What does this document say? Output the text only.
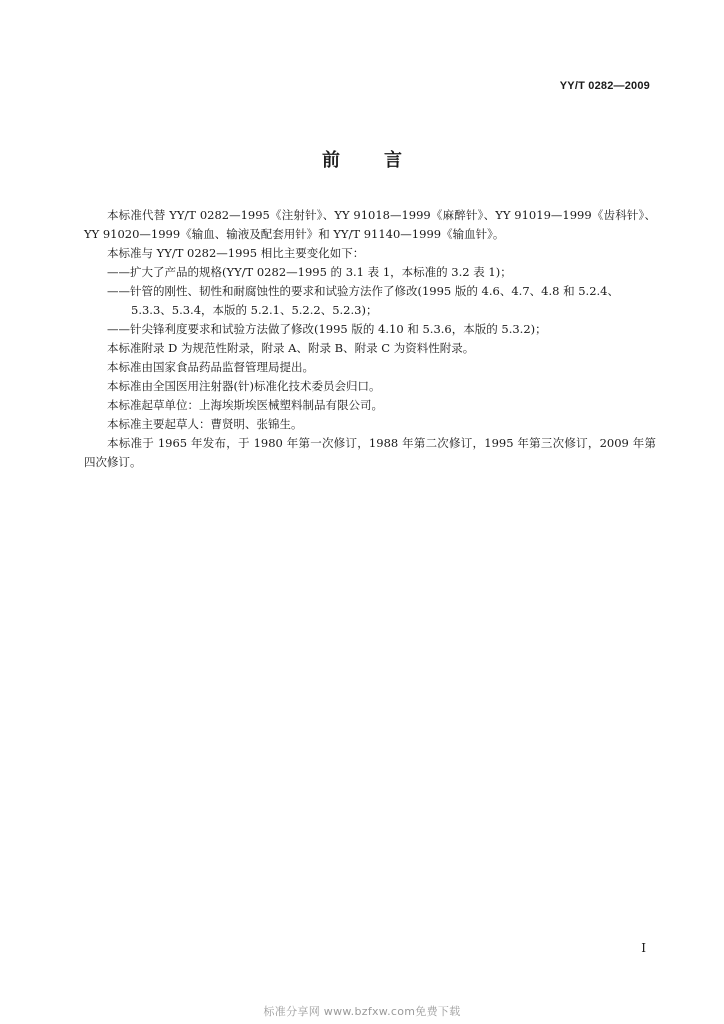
YY/T 0282—2009
前言

本标准代替 YY/T 0282—1995《注射针》、YY 91018—1999《麻醉针》、YY 91019—1999《齿科针》、YY 91020—1999《输血、输液及配套用针》和 YY/T 91140—1999《输血针》。

本标准与 YY/T 0282—1995 相比主要变化如下：

——扩大了产品的规格(YY/T 0282—1995 的 3.1 表 1，本标准的 3.2 表 1)；

——针管的刚性、韧性和耐腐蚀性的要求和试验方法作了修改(1995 版的 4.6、4.7、4.8 和 5.2.4、5.3.3、5.3.4，本版的 5.2.1、5.2.2、5.2.3)；

——针尖锋利度要求和试验方法做了修改(1995 版的 4.10 和 5.3.6，本版的 5.3.2)；

本标准附录 D 为规范性附录，附录 A、附录 B、附录 C 为资料性附录。

本标准由国家食品药品监督管理局提出。

本标准由全国医用注射器(针)标准化技术委员会归口。

本标准起草单位：上海埃斯埃医械塑料制品有限公司。

本标准主要起草人：曹贤明、张锦生。

本标准于 1965 年发布，于 1980 年第一次修订，1988 年第二次修订，1995 年第三次修订，2009 年第四次修订。

I
标准分享网 www.bzfxw.com免费下载
